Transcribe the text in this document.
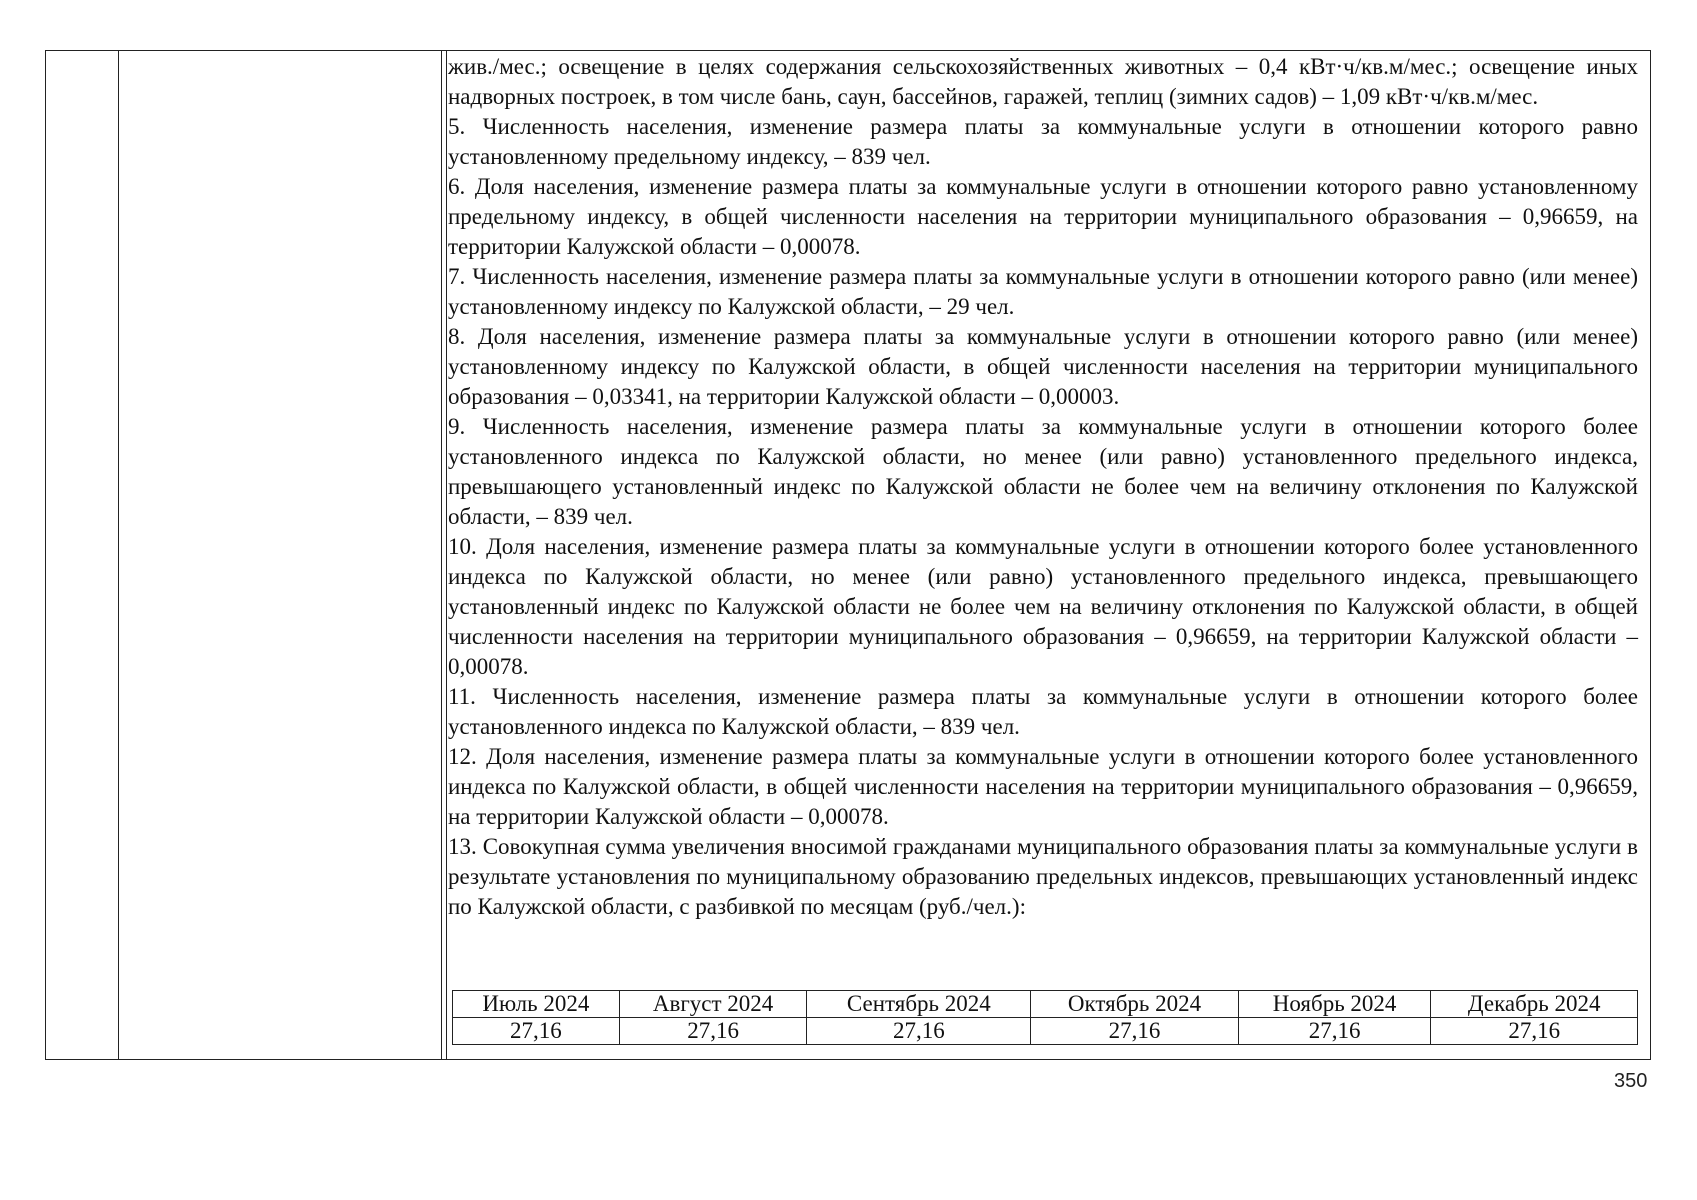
жив./мес.; освещение в целях содержания сельскохозяйственных животных – 0,4 кВт·ч/кв.м/мес.; освещение иных надворных построек, в том числе бань, саун, бассейнов, гаражей, теплиц (зимних садов) – 1,09 кВт·ч/кв.м/мес.

5. Численность населения, изменение размера платы за коммунальные услуги в отношении которого равно установленному предельному индексу, – 839 чел.

6. Доля населения, изменение размера платы за коммунальные услуги в отношении которого равно установленному предельному индексу, в общей численности населения на территории муниципального образования – 0,96659, на территории Калужской области – 0,00078.

7. Численность населения, изменение размера платы за коммунальные услуги в отношении которого равно (или менее) установленному индексу по Калужской области, – 29 чел.

8. Доля населения, изменение размера платы за коммунальные услуги в отношении которого равно (или менее) установленному индексу по Калужской области, в общей численности населения на территории муниципального образования – 0,03341, на территории Калужской области – 0,00003.

9. Численность населения, изменение размера платы за коммунальные услуги в отношении которого более установленного индекса по Калужской области, но менее (или равно) установленного предельного индекса, превышающего установленный индекс по Калужской области не более чем на величину отклонения по Калужской области, – 839 чел.

10. Доля населения, изменение размера платы за коммунальные услуги в отношении которого более установленного индекса по Калужской области, но менее (или равно) установленного предельного индекса, превышающего установленный индекс по Калужской области не более чем на величину отклонения по Калужской области, в общей численности населения на территории муниципального образования – 0,96659, на территории Калужской области – 0,00078.

11. Численность населения, изменение размера платы за коммунальные услуги в отношении которого более установленного индекса по Калужской области, – 839 чел.

12. Доля населения, изменение размера платы за коммунальные услуги в отношении которого более установленного индекса по Калужской области, в общей численности населения на территории муниципального образования – 0,96659, на территории Калужской области – 0,00078.

13. Совокупная сумма увеличения вносимой гражданами муниципального образования платы за коммунальные услуги в результате установления по муниципальному образованию предельных индексов, превышающих установленный индекс по Калужской области, с разбивкой по месяцам (руб./чел.):

Июль 2024	Август 2024	Сентябрь 2024	Октябрь 2024	Ноябрь 2024	Декабрь 2024
27,16	27,16	27,16	27,16	27,16	27,16
350
